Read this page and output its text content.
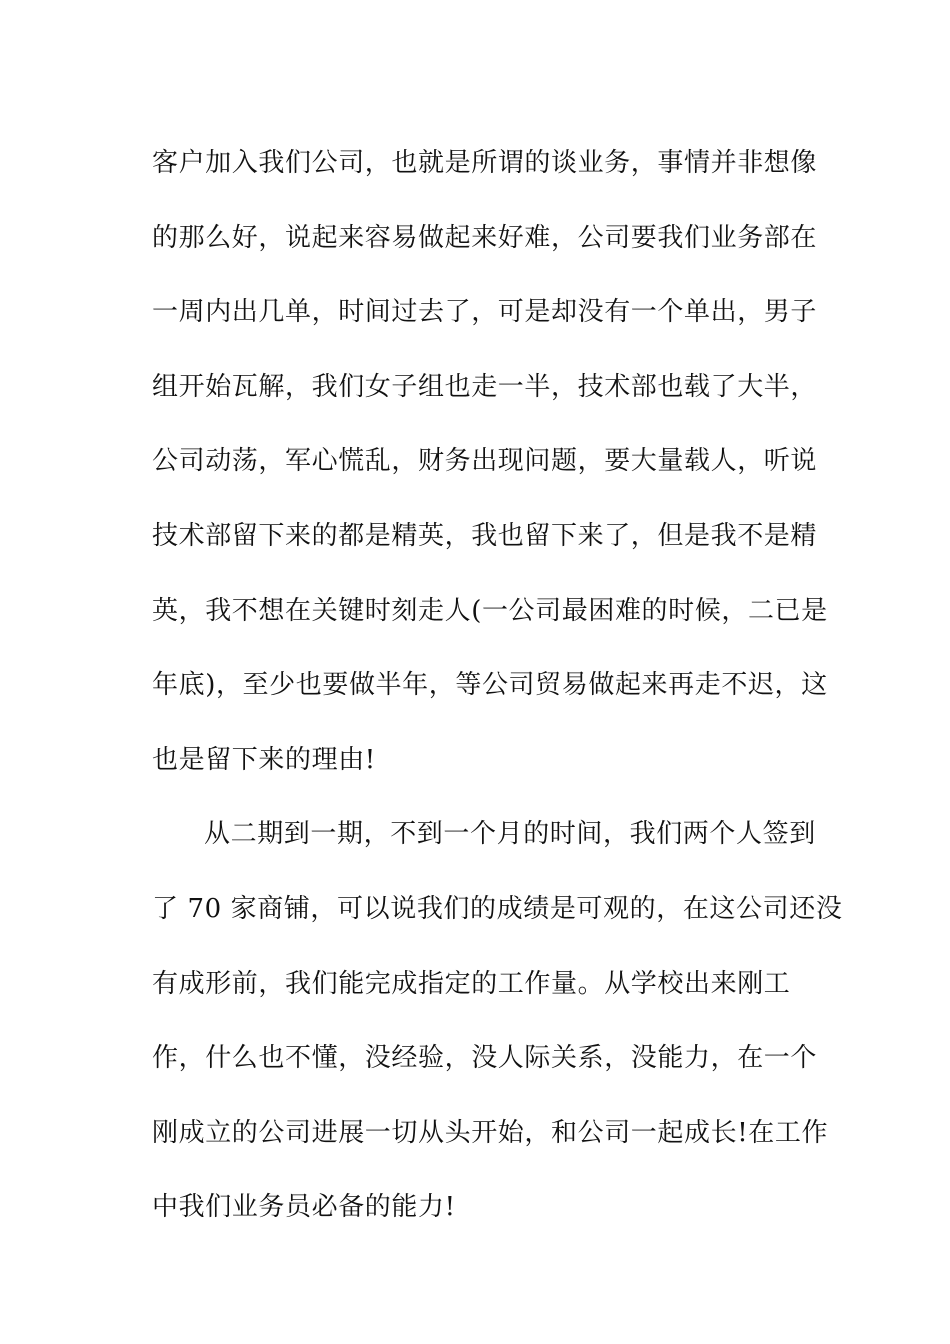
客户加入我们公司，也就是所谓的谈业务，事情并非想像
的那么好，说起来容易做起来好难，公司要我们业务部在
一周内出几单，时间过去了，可是却没有一个单出，男子
组开始瓦解，我们女子组也走一半，技术部也载了大半，
公司动荡，军心慌乱，财务出现问题，要大量载人，听说
技术部留下来的都是精英，我也留下来了，但是我不是精
英，我不想在关键时刻走人(一公司最困难的时候，二已是
年底)，至少也要做半年，等公司贸易做起来再走不迟，这
也是留下来的理由!
从二期到一期，不到一个月的时间，我们两个人签到
了 70 家商铺，可以说我们的成绩是可观的，在这公司还没
有成形前，我们能完成指定的工作量。从学校出来刚工
作，什么也不懂，没经验，没人际关系，没能力，在一个
刚成立的公司进展一切从头开始，和公司一起成长!在工作
中我们业务员必备的能力!
